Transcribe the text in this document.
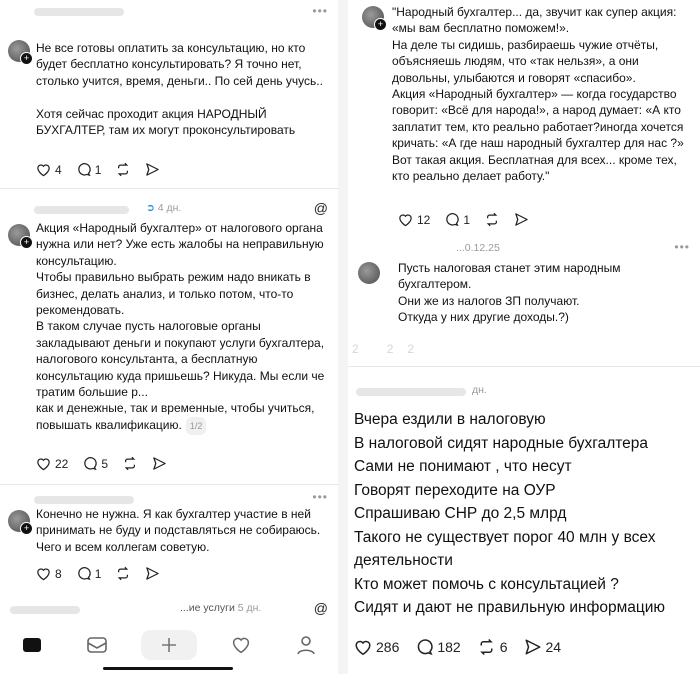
•••
+
Не все готовы оплатить за консультацию, но кто будет бесплатно консультировать? Я точно нет, столько учится, время, деньги.. По сей день учусь..

Хотя сейчас проходит акция НАРОДНЫЙ БУХГАЛТЕР, там их могут проконсультировать
4	1
➲ 4 дн.	@
+
Акция «Народный бухгалтер» от налогового органа нужна или нет? Уже есть жалобы на неправильную консультацию.
Чтобы правильно выбрать режим надо вникать в бизнес, делать анализ, и только потом, что-то рекомендовать.
В таком случае пусть налоговые органы закладывают деньги и покупают услуги бухгалтера, налогового консультанта, а бесплатную консультацию куда пришьешь? Никуда. Мы если че тратим большие р...
как и денежные, так и временные, чтобы учиться, повышать квалификацию. 1/2
22	5
•••
+
Конечно не нужна. Я как бухгалтер участие в ней принимать не буду и подставляться не собираюсь. Чего и всем коллегам советую.
8	1
...ие услуги 5 дн.	@
+
"Народный бухгалтер... да, звучит как супер акция: «мы вам бесплатно поможем!».
На деле ты сидишь, разбираешь чужие отчёты, объясняешь людям, что «так нельзя», а они довольны, улыбаются и говорят «спасибо».
Акция «Народный бухгалтер» — когда государство говорит: «Всё для народа!», а народ думает: «А кто заплатит тем, кто реально работает?иногда хочется кричать: «А где наш народный бухгалтер для нас ?»
Вот такая акция. Бесплатная для всех... кроме тех, кто реально делает работу."
12	1
...0.12.25	•••
Пусть налоговая станет этим народным бухгалтером.
Они же из налогов ЗП получают.
Откуда у них другие доходы.?)
2 2 2
дн.
Вчера ездили в налоговую
В налоговой сидят народные бухгалтера
Сами не понимают , что несут
Говорят переходите на ОУР
Спрашиваю СНР до 2,5 млрд
Такого не существует порог 40 млн у всех деятельности
Кто может помочь с консультацией ?
Сидят и дают не правильную информацию
286	182	6	24
